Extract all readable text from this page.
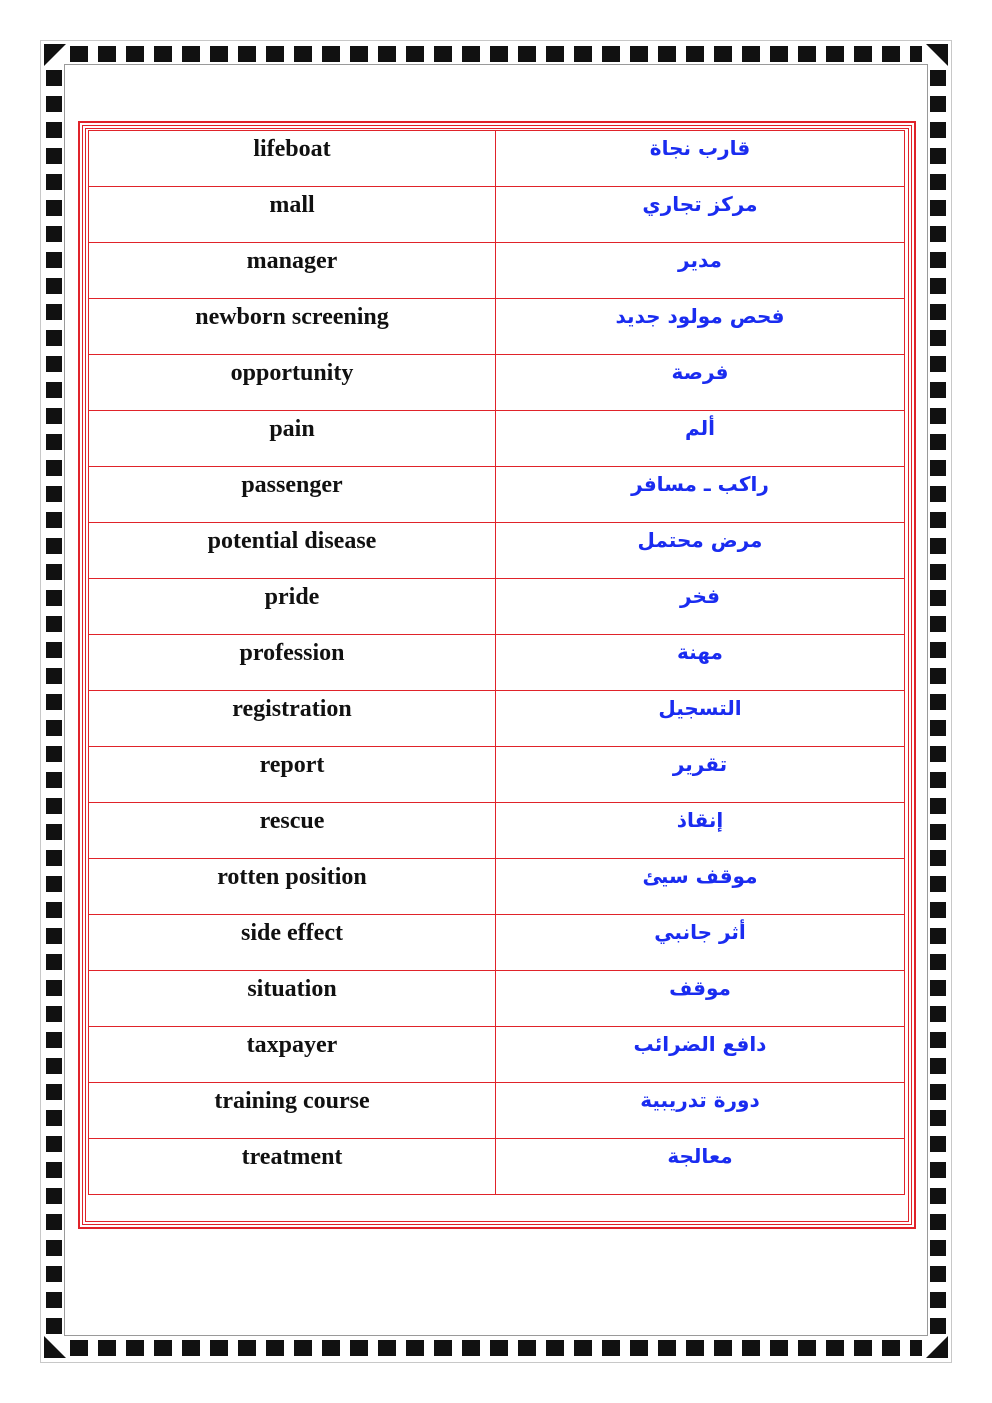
lifeboat	قارب نجاة
mall	مركز تجاري
manager	مدير
newborn screening	فحص مولود جديد
opportunity	فرصة
pain	ألم
passenger	راكب ـ مسافر
potential disease	مرض محتمل
pride	فخر
profession	مهنة
registration	التسجيل
report	تقرير
rescue	إنقاذ
rotten position	موقف سيئ
side effect	أثر جانبي
situation	موقف
taxpayer	دافع الضرائب
training course	دورة تدريبية
treatment	معالجة
